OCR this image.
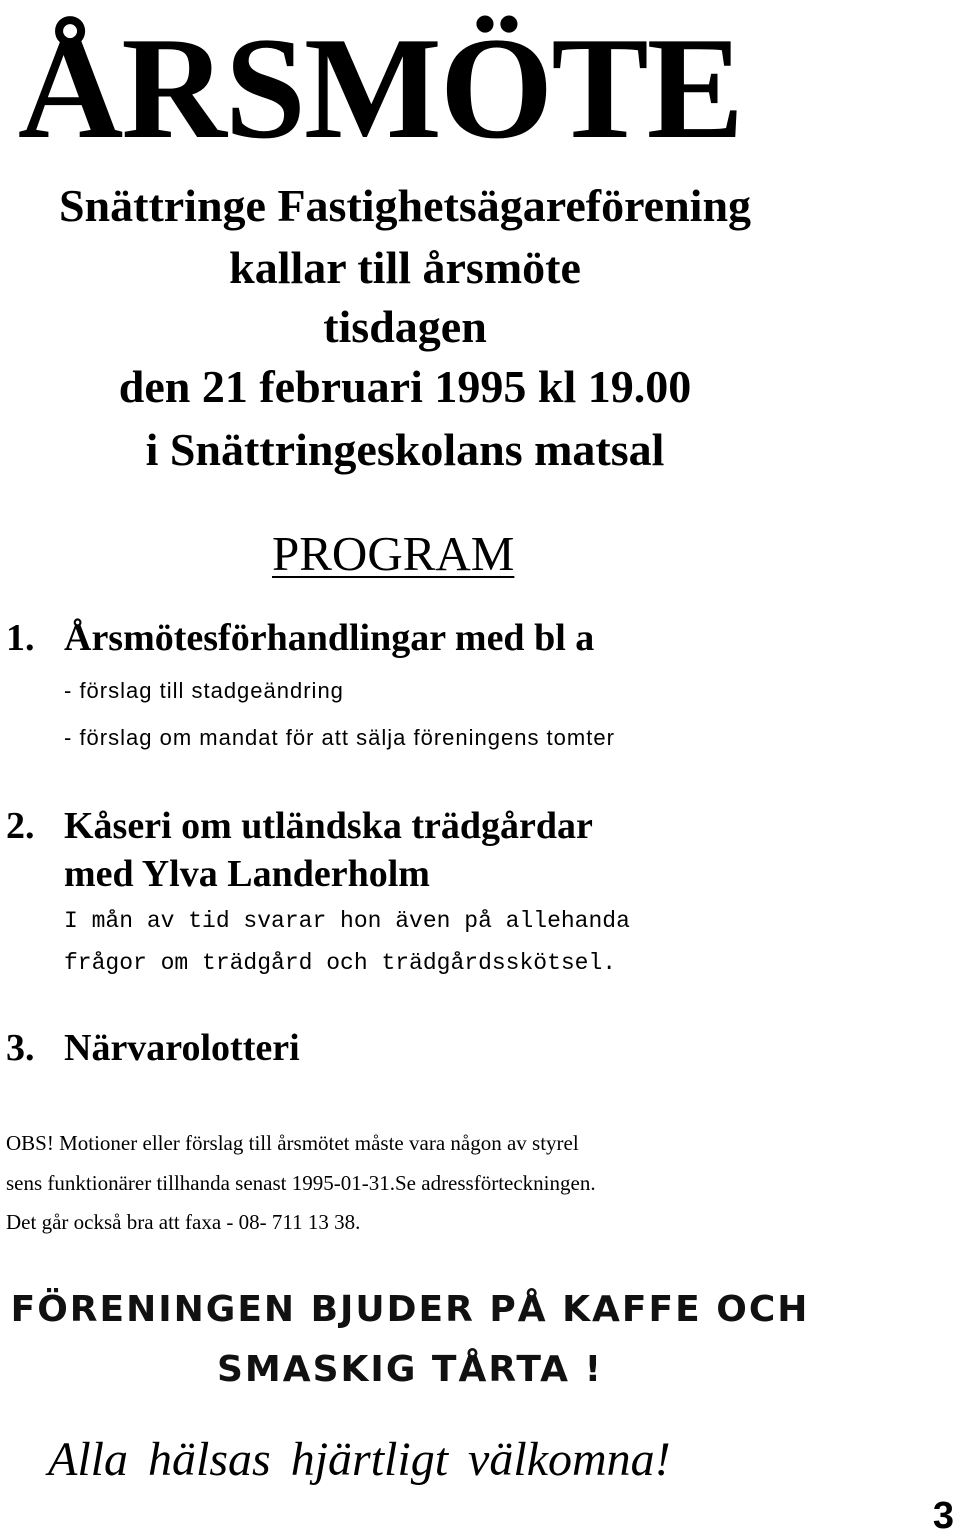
ÅRSMÖTE
Snättringe Fastighetsägareförening
kallar till årsmöte
tisdagen
den 21 februari 1995 kl 19.00
i Snättringeskolans matsal
PROGRAM
1. Årsmötesförhandlingar med bl a
- förslag till stadgeändring
- förslag om mandat för att sälja föreningens tomter
2. Kåseri om utländska trädgårdar
med Ylva Landerholm
I mån av tid svarar hon även på allehanda
frågor om trädgård och trädgårdsskötsel.
3. Närvarolotteri
OBS! Motioner eller förslag till årsmötet måste vara någon av styrel
sens funktionärer tillhanda senast 1995-01-31.Se adressförteckningen.
Det går också bra att faxa - 08- 711 13 38.
FÖRENINGEN BJUDER PÅ KAFFE OCH
SMASKIG TÅRTA !
Alla hälsas hjärtligt välkomna!
3
